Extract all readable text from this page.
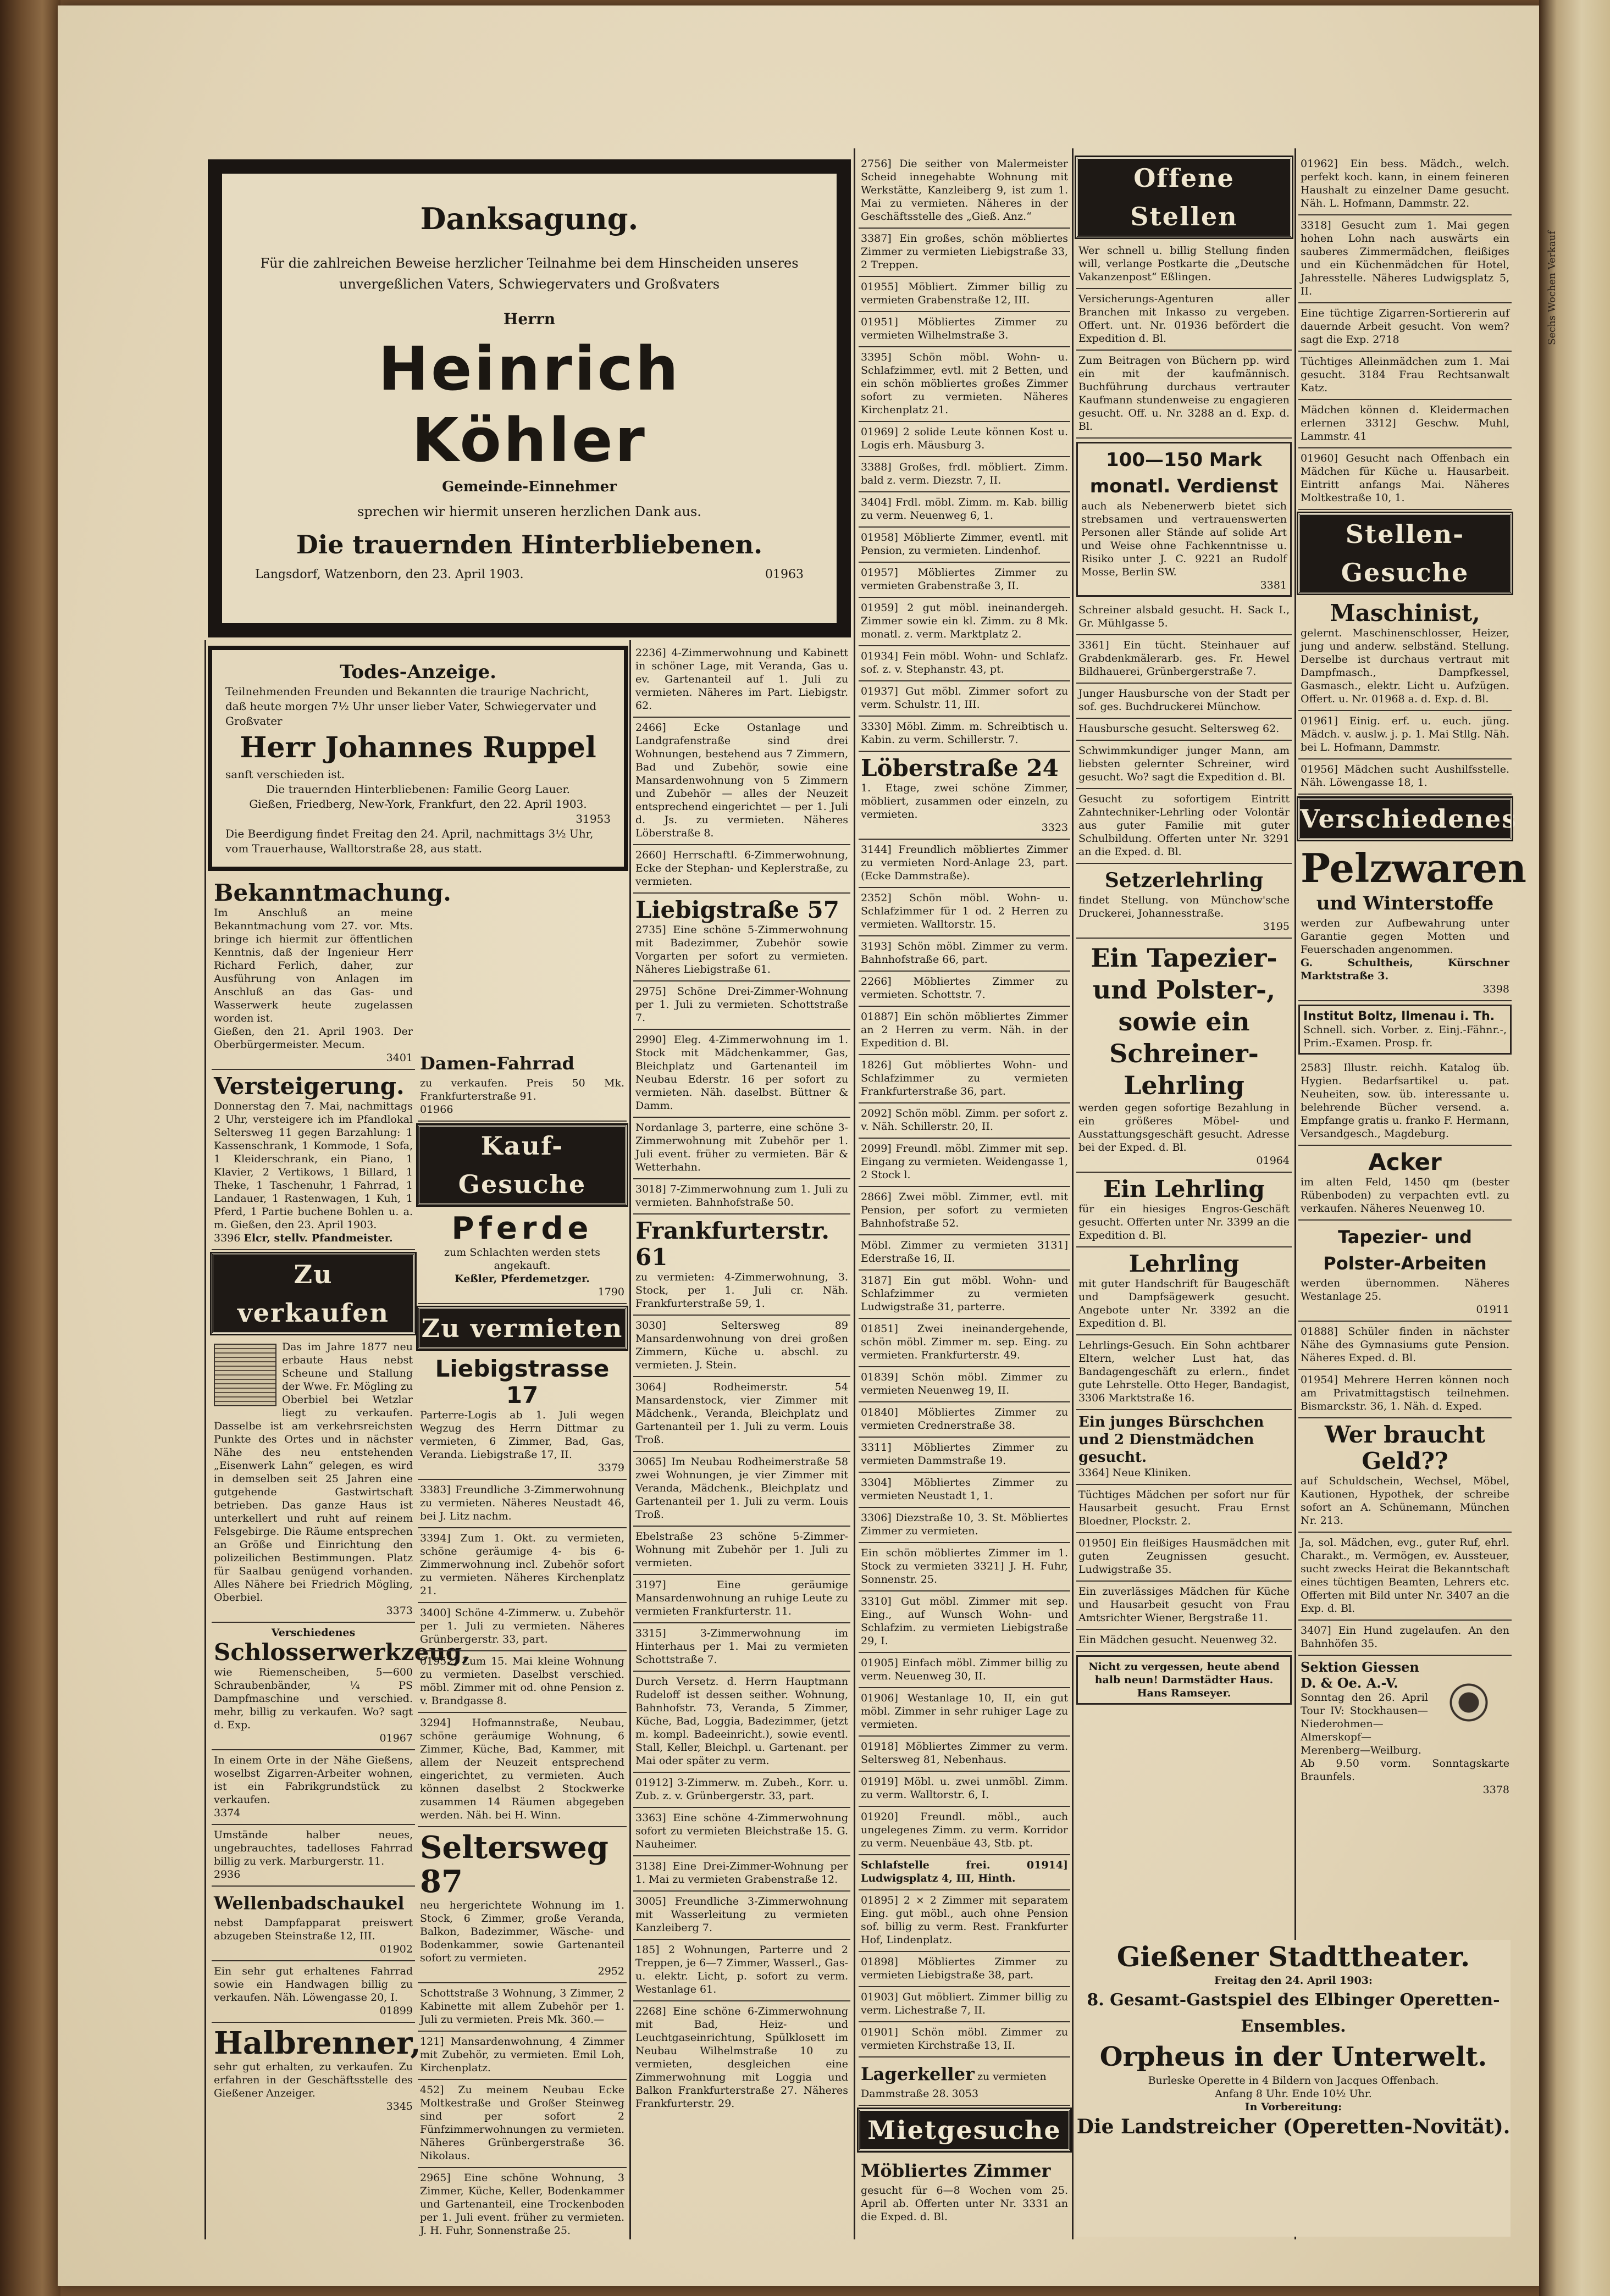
Sechs Wochen Verkauf
Danksagung.
Für die zahlreichen Beweise herzlicher Teilnahme bei dem Hinscheiden unseres unvergeßlichen Vaters, Schwiegervaters und Großvaters
Herrn
Heinrich Köhler
Gemeinde-Einnehmer
sprechen wir hiermit unseren herzlichen Dank aus.
Die trauernden Hinterbliebenen.
Langsdorf, Watzenborn, den 23. April 1903.	01963
Todes-Anzeige.
Teilnehmenden Freunden und Bekannten die traurige Nachricht, daß heute morgen 7½ Uhr unser lieber Vater, Schwiegervater und Großvater
Herr Johannes Ruppel
sanft verschieden ist.
Die trauernden Hinterbliebenen: Familie Georg Lauer.
Gießen, Friedberg, New-York, Frankfurt, den 22. April 1903.
31953
Die Beerdigung findet Freitag den 24. April, nachmittags 3½ Uhr, vom Trauerhause, Walltorstraße 28, aus statt.
Bekanntmachung.

Im Anschluß an meine Bekanntmachung vom 27. vor. Mts. bringe ich hiermit zur öffentlichen Kenntnis, daß der Ingenieur Herr Richard Ferlich, daher, zur Ausführung von Anlagen im Anschluß an das Gas- und Wasserwerk heute zugelassen worden ist.

Gießen, den 21. April 1903. Der Oberbürgermeister. Mecum.

3401

Versteigerung.

Donnerstag den 7. Mai, nachmittags 2 Uhr, versteigere ich im Pfandlokal Seltersweg 11 gegen Barzahlung: 1 Kassenschrank, 1 Kommode, 1 Sofa, 1 Kleiderschrank, ein Piano, 1 Klavier, 2 Vertikows, 1 Billard, 1 Theke, 1 Taschenuhr, 1 Fahrrad, 1 Landauer, 1 Rastenwagen, 1 Kuh, 1 Pferd, 1 Partie buchene Bohlen u. a. m. Gießen, den 23. April 1903.

3396 Elcr, stellv. Pfandmeister.

Zu verkaufen

Das im Jahre 1877 neu erbaute Haus nebst Scheune und Stallung der Wwe. Fr. Mögling zu Oberbiel bei Wetzlar liegt zu verkaufen. Dasselbe ist am verkehrsreichsten Punkte des Ortes und in nächster Nähe des neu entstehenden „Eisenwerk Lahn“ gelegen, es wird in demselben seit 25 Jahren eine gutgehende Gastwirtschaft betrieben. Das ganze Haus ist unterkellert und ruht auf reinem Felsgebirge. Die Räume entsprechen an Größe und Einrichtung den polizeilichen Bestimmungen. Platz für Saalbau genügend vorhanden. Alles Nähere bei Friedrich Mögling, Oberbiel.

3373

Verschiedenes
Schlosserwerkzeug,

wie Riemenscheiben, 5—600 Schraubenbänder, ¼ PS Dampfmaschine und verschied. mehr, billig zu verkaufen. Wo? sagt d. Exp.

01967

In einem Orte in der Nähe Gießens, woselbst Zigarren-Arbeiter wohnen, ist ein Fabrikgrundstück zu verkaufen.

3374

Umstände halber neues, ungebrauchtes, tadelloses Fahrrad billig zu verk. Marburgerstr. 11.

2936

Wellenbadschaukel

nebst Dampfapparat preiswert abzugeben Steinstraße 12, III.

01902

Ein sehr gut erhaltenes Fahrrad sowie ein Handwagen billig zu verkaufen. Näh. Löwengasse 20, I.

01899

Halbrenner,

sehr gut erhalten, zu verkaufen. Zu erfahren in der Geschäftsstelle des Gießener Anzeiger.

3345

Damen-Fahrrad

zu verkaufen. Preis 50 Mk. Frankfurterstraße 91.

01966

Kauf-Gesuche
Pferde

zum Schlachten werden stets angekauft.

Keßler, Pferdemetzger.

1790

Zu vermieten
Liebigstrasse 17

Parterre-Logis ab 1. Juli wegen Wegzug des Herrn Dittmar zu vermieten, 6 Zimmer, Bad, Gas, Veranda. Liebigstraße 17, II.

3379

3383] Freundliche 3-Zimmerwohnung zu vermieten. Näheres Neustadt 46, bei J. Litz nachm.

3394] Zum 1. Okt. zu vermieten, schöne geräumige 4- bis 6-Zimmerwohnung incl. Zubehör sofort zu vermieten. Näheres Kirchenplatz 21.

3400] Schöne 4-Zimmerw. u. Zubehör per 1. Juli zu vermieten. Näheres Grünbergerstr. 33, part.

01952] Zum 15. Mai kleine Wohnung zu vermieten. Daselbst verschied. möbl. Zimmer mit od. ohne Pension z. v. Brandgasse 8.

3294] Hofmannstraße, Neubau, schöne geräumige Wohnung, 6 Zimmer, Küche, Bad, Kammer, mit allem der Neuzeit entsprechend eingerichtet, zu vermieten. Auch können daselbst 2 Stockwerke zusammen 14 Räumen abgegeben werden. Näh. bei H. Winn.

Seltersweg 87

neu hergerichtete Wohnung im 1. Stock, 6 Zimmer, große Veranda, Balkon, Badezimmer, Wäsche- und Bodenkammer, sowie Gartenanteil sofort zu vermieten.

2952

Schottstraße 3 Wohnung, 3 Zimmer, 2 Kabinette mit allem Zubehör per 1. Juli zu vermieten. Preis Mk. 360.—

121] Mansardenwohnung, 4 Zimmer mit Zubehör, zu vermieten. Emil Loh, Kirchenplatz.

452] Zu meinem Neubau Ecke Moltkestraße und Großer Steinweg sind per sofort 2 Fünfzimmerwohnungen zu vermieten. Näheres Grünbergerstraße 36. Nikolaus.

2965] Eine schöne Wohnung, 3 Zimmer, Küche, Keller, Bodenkammer und Gartenanteil, eine Trockenboden per 1. Juli event. früher zu vermieten. J. H. Fuhr, Sonnenstraße 25.

2236] 4-Zimmerwohnung und Kabinett in schöner Lage, mit Veranda, Gas u. ev. Gartenanteil auf 1. Juli zu vermieten. Näheres im Part. Liebigstr. 62.

2466] Ecke Ostanlage und Landgrafenstraße sind drei Wohnungen, bestehend aus 7 Zimmern, Bad und Zubehör, sowie eine Mansardenwohnung von 5 Zimmern und Zubehör — alles der Neuzeit entsprechend eingerichtet — per 1. Juli d. Js. zu vermieten. Näheres Löberstraße 8.

2660] Herrschaftl. 6-Zimmerwohnung, Ecke der Stephan- und Keplerstraße, zu vermieten.

Liebigstraße 57

2735] Eine schöne 5-Zimmerwohnung mit Badezimmer, Zubehör sowie Vorgarten per sofort zu vermieten. Näheres Liebigstraße 61.

2975] Schöne Drei-Zimmer-Wohnung per 1. Juli zu vermieten. Schottstraße 7.

2990] Eleg. 4-Zimmerwohnung im 1. Stock mit Mädchenkammer, Gas, Bleichplatz und Gartenanteil im Neubau Ederstr. 16 per sofort zu vermieten. Näh. daselbst. Büttner & Damm.

Nordanlage 3, parterre, eine schöne 3-Zimmerwohnung mit Zubehör per 1. Juli event. früher zu vermieten. Bär & Wetterhahn.

3018] 7-Zimmerwohnung zum 1. Juli zu vermieten. Bahnhofstraße 50.

Frankfurterstr. 61

zu vermieten: 4-Zimmerwohnung, 3. Stock, per 1. Juli cr. Näh. Frankfurterstraße 59, 1.

3030] Seltersweg 89 Mansardenwohnung von drei großen Zimmern, Küche u. abschl. zu vermieten. J. Stein.

3064] Rodheimerstr. 54 Mansardenstock, vier Zimmer mit Mädchenk., Veranda, Bleichplatz und Gartenanteil per 1. Juli zu verm. Louis Troß.

3065] Im Neubau Rodheimerstraße 58 zwei Wohnungen, je vier Zimmer mit Veranda, Mädchenk., Bleichplatz und Gartenanteil per 1. Juli zu verm. Louis Troß.

Ebelstraße 23 schöne 5-Zimmer-Wohnung mit Zubehör per 1. Juli zu vermieten.

3197] Eine geräumige Mansardenwohnung an ruhige Leute zu vermieten Frankfurterstr. 11.

3315] 3-Zimmerwohnung im Hinterhaus per 1. Mai zu vermieten Schottstraße 7.

Durch Versetz. d. Herrn Hauptmann Rudeloff ist dessen seither. Wohnung, Bahnhofstr. 73, Veranda, 5 Zimmer, Küche, Bad, Loggia, Badezimmer, (jetzt m. kompl. Badeeinricht.), sowie eventl. Stall, Keller, Bleichpl. u. Gartenant. per Mai oder später zu verm.

01912] 3-Zimmerw. m. Zubeh., Korr. u. Zub. z. v. Grünbergerstr. 33, part.

3363] Eine schöne 4-Zimmerwohnung sofort zu vermieten Bleichstraße 15. G. Nauheimer.

3138] Eine Drei-Zimmer-Wohnung per 1. Mai zu vermieten Grabenstraße 12.

3005] Freundliche 3-Zimmerwohnung mit Wasserleitung zu vermieten Kanzleiberg 7.

185] 2 Wohnungen, Parterre und 2 Treppen, je 6—7 Zimmer, Wasserl., Gas- u. elektr. Licht, p. sofort zu verm. Westanlage 61.

2268] Eine schöne 6-Zimmerwohnung mit Bad, Heiz- und Leuchtgaseinrichtung, Spülklosett im Neubau Wilhelmstraße 10 zu vermieten, desgleichen eine Zimmerwohnung mit Loggia und Balkon Frankfurterstraße 27. Näheres Frankfurterstr. 29.

2756] Die seither von Malermeister Scheid innegehabte Wohnung mit Werkstätte, Kanzleiberg 9, ist zum 1. Mai zu vermieten. Näheres in der Geschäftsstelle des „Gieß. Anz.“

3387] Ein großes, schön möbliertes Zimmer zu vermieten Liebigstraße 33, 2 Treppen.

01955] Möbliert. Zimmer billig zu vermieten Grabenstraße 12, III.

01951] Möbliertes Zimmer zu vermieten Wilhelmstraße 3.

3395] Schön möbl. Wohn- u. Schlafzimmer, evtl. mit 2 Betten, und ein schön möbliertes großes Zimmer sofort zu vermieten. Näheres Kirchenplatz 21.

01969] 2 solide Leute können Kost u. Logis erh. Mäusburg 3.

3388] Großes, frdl. möbliert. Zimm. bald z. verm. Diezstr. 7, II.

3404] Frdl. möbl. Zimm. m. Kab. billig zu verm. Neuenweg 6, 1.

01958] Möblierte Zimmer, eventl. mit Pension, zu vermieten. Lindenhof.

01957] Möbliertes Zimmer zu vermieten Grabenstraße 3, II.

01959] 2 gut möbl. ineinandergeh. Zimmer sowie ein kl. Zimm. zu 8 Mk. monatl. z. verm. Marktplatz 2.

01934] Fein möbl. Wohn- und Schlafz. sof. z. v. Stephanstr. 43, pt.

01937] Gut möbl. Zimmer sofort zu verm. Schulstr. 11, III.

3330] Möbl. Zimm. m. Schreibtisch u. Kabin. zu verm. Schillerstr. 7.

Löberstraße 24

1. Etage, zwei schöne Zimmer, möbliert, zusammen oder einzeln, zu vermieten.

3323

3144] Freundlich möbliertes Zimmer zu vermieten Nord-Anlage 23, part. (Ecke Dammstraße).

2352] Schön möbl. Wohn- u. Schlafzimmer für 1 od. 2 Herren zu vermieten. Walltorstr. 15.

3193] Schön möbl. Zimmer zu verm. Bahnhofstraße 66, part.

2266] Möbliertes Zimmer zu vermieten. Schottstr. 7.

01887] Ein schön möbliertes Zimmer an 2 Herren zu verm. Näh. in der Expedition d. Bl.

1826] Gut möbliertes Wohn- und Schlafzimmer zu vermieten Frankfurterstraße 36, part.

2092] Schön möbl. Zimm. per sofort z. v. Näh. Schillerstr. 20, II.

2099] Freundl. möbl. Zimmer mit sep. Eingang zu vermieten. Weidengasse 1, 2 Stock l.

2866] Zwei möbl. Zimmer, evtl. mit Pension, per sofort zu vermieten Bahnhofstraße 52.

Möbl. Zimmer zu vermieten 3131] Ederstraße 16, II.

3187] Ein gut möbl. Wohn- und Schlafzimmer zu vermieten Ludwigstraße 31, parterre.

01851] Zwei ineinandergehende, schön möbl. Zimmer m. sep. Eing. zu vermieten. Frankfurterstr. 49.

01839] Schön möbl. Zimmer zu vermieten Neuenweg 19, II.

01840] Möbliertes Zimmer zu vermieten Crednerstraße 38.

3311] Möbliertes Zimmer zu vermieten Dammstraße 19.

3304] Möbliertes Zimmer zu vermieten Neustadt 1, 1.

3306] Diezstraße 10, 3. St. Möbliertes Zimmer zu vermieten.

Ein schön möbliertes Zimmer im 1. Stock zu vermieten 3321] J. H. Fuhr, Sonnenstr. 25.

3310] Gut möbl. Zimmer mit sep. Eing., auf Wunsch Wohn- und Schlafzim. zu vermieten Liebigstraße 29, I.

01905] Einfach möbl. Zimmer billig zu verm. Neuenweg 30, II.

01906] Westanlage 10, II, ein gut möbl. Zimmer in sehr ruhiger Lage zu vermieten.

01918] Möbliertes Zimmer zu verm. Seltersweg 81, Nebenhaus.

01919] Möbl. u. zwei unmöbl. Zimm. zu verm. Walltorstr. 6, I.

01920] Freundl. möbl., auch ungelegenes Zimm. zu verm. Korridor zu verm. Neuenbäue 43, Stb. pt.

Schlafstelle frei. 01914] Ludwigsplatz 4, III, Hinth.

01895] 2 × 2 Zimmer mit separatem Eing. gut möbl., auch ohne Pension sof. billig zu verm. Rest. Frankfurter Hof, Lindenplatz.

01898] Möbliertes Zimmer zu vermieten Liebigstraße 38, part.

01903] Gut möbliert. Zimmer billig zu verm. Lichestraße 7, II.

01901] Schön möbl. Zimmer zu vermieten Kirchstraße 13, II.

Lagerkeller zu vermieten Dammstraße 28. 3053
Mietgesuche
Möbliertes Zimmer

gesucht für 6—8 Wochen vom 25. April ab. Offerten unter Nr. 3331 an die Exped. d. Bl.

Offene Stellen

Wer schnell u. billig Stellung finden will, verlange Postkarte die „Deutsche Vakanzenpost“ Eßlingen.

Versicherungs-Agenturen aller Branchen mit Inkasso zu vergeben. Offert. unt. Nr. 01936 befördert die Expedition d. Bl.

Zum Beitragen von Büchern pp. wird ein mit der kaufmännisch. Buchführung durchaus vertrauter Kaufmann stundenweise zu engagieren gesucht. Off. u. Nr. 3288 an d. Exp. d. Bl.

100—150 Mark monatl. Verdienst

auch als Nebenerwerb bietet sich strebsamen und vertrauenswerten Personen aller Stände auf solide Art und Weise ohne Fachkenntnisse u. Risiko unter J. C. 9221 an Rudolf Mosse, Berlin SW.

3381

Schreiner alsbald gesucht. H. Sack I., Gr. Mühlgasse 5.

3361] Ein tücht. Steinhauer auf Grabdenkmälerarb. ges. Fr. Hewel Bildhauerei, Grünbergerstraße 7.

Junger Hausbursche von der Stadt per sof. ges. Buchdruckerei Münchow.

Hausbursche gesucht. Seltersweg 62.

Schwimmkundiger junger Mann, am liebsten gelernter Schreiner, wird gesucht. Wo? sagt die Expedition d. Bl.

Gesucht zu sofortigem Eintritt Zahntechniker-Lehrling oder Volontär aus guter Familie mit guter Schulbildung. Offerten unter Nr. 3291 an die Exped. d. Bl.

Setzerlehrling

findet Stellung. von Münchow'sche Druckerei, Johannesstraße.

3195

Ein Tapezier- und Polster-, sowie ein Schreiner-Lehrling

werden gegen sofortige Bezahlung in ein größeres Möbel- und Ausstattungsgeschäft gesucht. Adresse bei der Exped. d. Bl.

01964

Ein Lehrling

für ein hiesiges Engros-Geschäft gesucht. Offerten unter Nr. 3399 an die Expedition d. Bl.

Lehrling

mit guter Handschrift für Baugeschäft und Dampfsägewerk gesucht. Angebote unter Nr. 3392 an die Expedition d. Bl.

Lehrlings-Gesuch. Ein Sohn achtbarer Eltern, welcher Lust hat, das Bandagengeschäft zu erlern., findet gute Lehrstelle. Otto Heger, Bandagist, 3306 Marktstraße 16.

Ein junges Bürschchen und 2 Dienstmädchen gesucht.

3364] Neue Kliniken.

Tüchtiges Mädchen per sofort nur für Hausarbeit gesucht. Frau Ernst Bloedner, Plockstr. 2.

01950] Ein fleißiges Hausmädchen mit guten Zeugnissen gesucht. Ludwigstraße 35.

Ein zuverlässiges Mädchen für Küche und Hausarbeit gesucht von Frau Amtsrichter Wiener, Bergstraße 11.

Ein Mädchen gesucht. Neuenweg 32.

Nicht zu vergessen, heute abend halb neun! Darmstädter Haus. Hans Ramseyer.

Gießener Stadttheater.
Freitag den 24. April 1903:
8. Gesamt-Gastspiel des Elbinger Operetten-Ensembles.
Orpheus in der Unterwelt.
Burleske Operette in 4 Bildern von Jacques Offenbach.
Anfang 8 Uhr. Ende 10½ Uhr.
In Vorbereitung:
Die Landstreicher (Operetten-Novität).

01962] Ein bess. Mädch., welch. perfekt koch. kann, in einem feineren Haushalt zu einzelner Dame gesucht. Näh. L. Hofmann, Dammstr. 22.

3318] Gesucht zum 1. Mai gegen hohen Lohn nach auswärts ein sauberes Zimmermädchen, fleißiges und ein Küchenmädchen für Hotel, Jahresstelle. Näheres Ludwigsplatz 5, II.

Eine tüchtige Zigarren-Sortiererin auf dauernde Arbeit gesucht. Von wem? sagt die Exp. 2718

Tüchtiges Alleinmädchen zum 1. Mai gesucht. 3184 Frau Rechtsanwalt Katz.

Mädchen können d. Kleidermachen erlernen 3312] Geschw. Muhl, Lammstr. 41

01960] Gesucht nach Offenbach ein Mädchen für Küche u. Hausarbeit. Eintritt anfangs Mai. Näheres Moltkestraße 10, 1.

Stellen-Gesuche
Maschinist,

gelernt. Maschinenschlosser, Heizer, jung und anderw. selbständ. Stellung. Derselbe ist durchaus vertraut mit Dampfmasch., Dampfkessel, Gasmasch., elektr. Licht u. Aufzügen. Offert. u. Nr. 01968 a. d. Exp. d. Bl.

01961] Einig. erf. u. euch. jüng. Mädch. v. auslw. j. p. 1. Mai Stllg. Näh. bei L. Hofmann, Dammstr.

01956] Mädchen sucht Aushilfsstelle. Näh. Löwengasse 18, 1.

Verschiedenes
Pelzwaren
und Winterstoffe

werden zur Aufbewahrung unter Garantie gegen Motten und Feuerschaden angenommen.

G. Schultheis, Kürschner Marktstraße 3.

3398

Institut Boltz, Ilmenau i. Th.

Schnell. sich. Vorber. z. Einj.-Fähnr.-, Prim.-Examen. Prosp. fr.

2583] Illustr. reichh. Katalog üb. Hygien. Bedarfsartikel u. pat. Neuheiten, sow. üb. interessante u. belehrende Bücher versend. a. Empfange gratis u. franko F. Hermann, Versandgesch., Magdeburg.

Acker

im alten Feld, 1450 qm (bester Rübenboden) zu verpachten evtl. zu verkaufen. Näheres Neuenweg 10.

Tapezier- und Polster-Arbeiten

werden übernommen. Näheres Westanlage 25.

01911

01888] Schüler finden in nächster Nähe des Gymnasiums gute Pension. Näheres Exped. d. Bl.

01954] Mehrere Herren können noch am Privatmittagstisch teilnehmen. Bismarckstr. 36, 1. Näh. d. Exped.

Wer braucht Geld??

auf Schuldschein, Wechsel, Möbel, Kautionen, Hypothek, der schreibe sofort an A. Schünemann, München Nr. 213.

Ja, sol. Mädchen, evg., guter Ruf, ehrl. Charakt., m. Vermögen, ev. Aussteuer, sucht zwecks Heirat die Bekanntschaft eines tüchtigen Beamten, Lehrers etc. Offerten mit Bild unter Nr. 3407 an die Exp. d. Bl.

3407] Ein Hund zugelaufen. An den Bahnhöfen 35.

Sektion Giessen D. & Oe. A.-V.

Sonntag den 26. April Tour IV: Stockhausen—Niederohmen—Almerskopf—Merenberg—Weilburg. Ab 9.50 vorm. Sonntagskarte Braunfels.

3378
